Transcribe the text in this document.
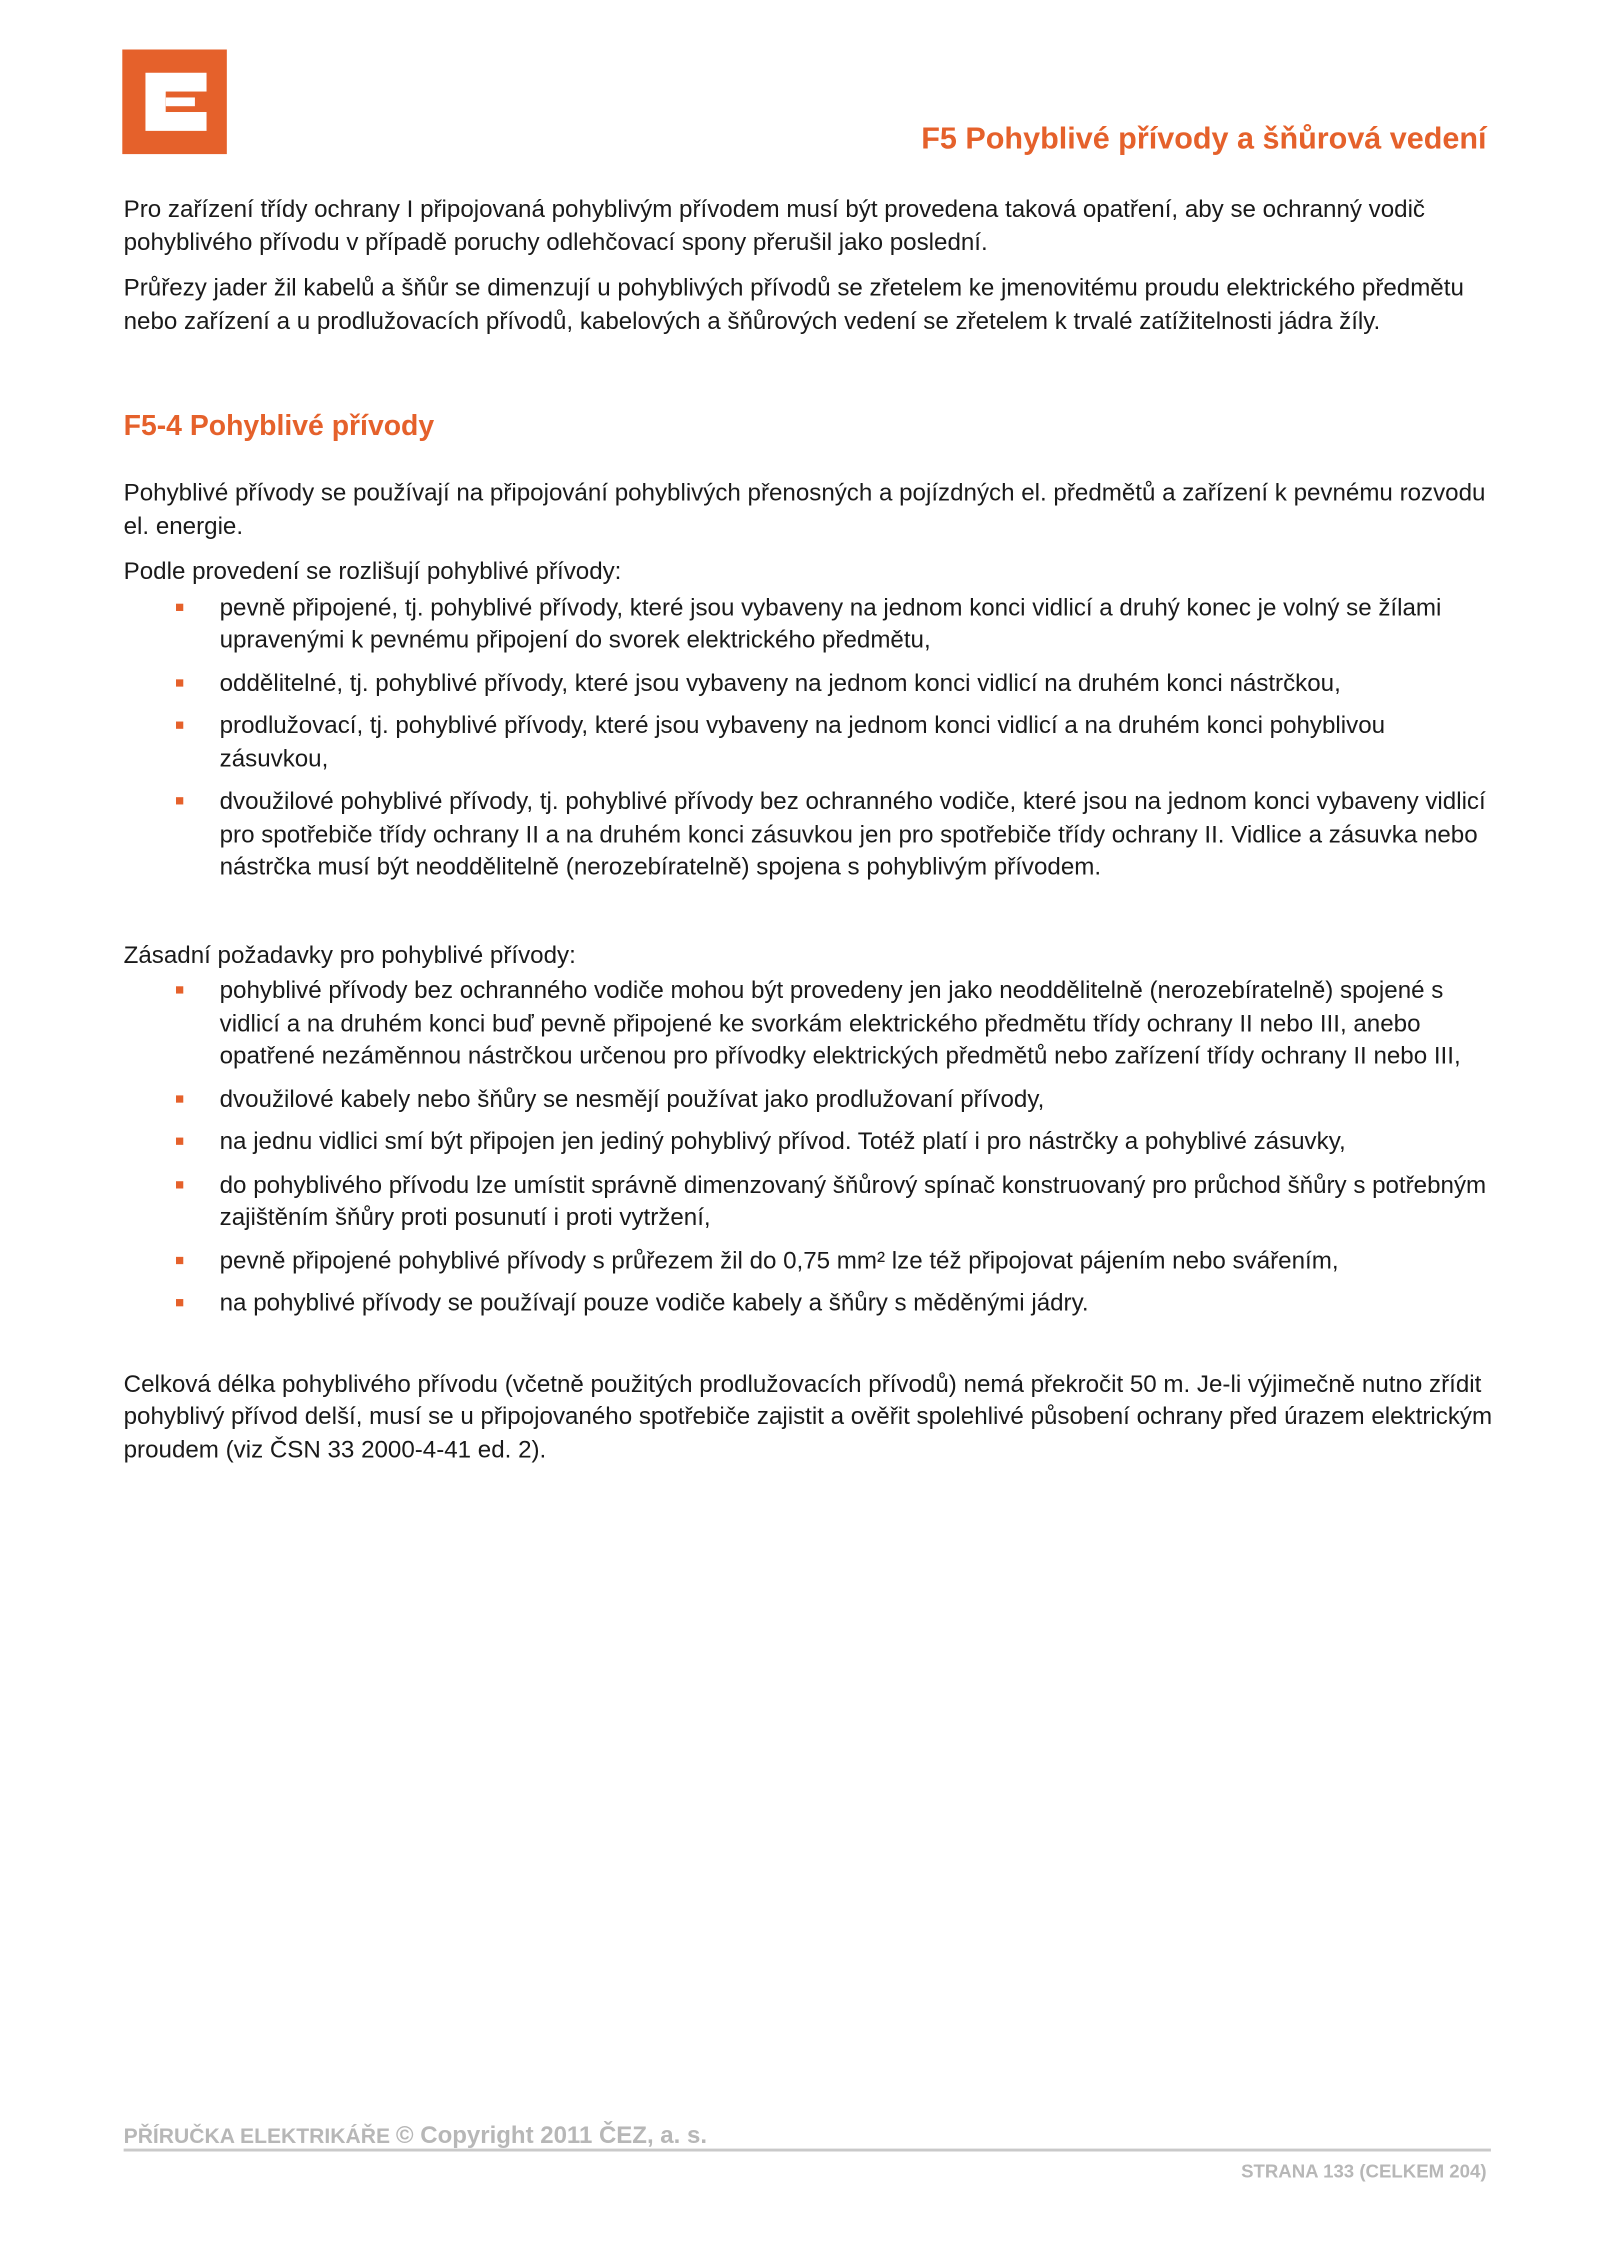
F5 Pohyblivé přívody a šňůrová vedení

Pro zařízení třídy ochrany I připojovaná pohyblivým přívodem musí být provedena taková opatření, aby se ochranný vodič pohyblivého přívodu v případě poruchy odlehčovací spony přerušil jako poslední.

Průřezy jader žil kabelů a šňůr se dimenzují u pohyblivých přívodů se zřetelem ke jmenovitému proudu elektrického předmětu nebo zařízení a u prodlužovacích přívodů, kabelových a šňůrových vedení se zřetelem k trvalé zatížitelnosti jádra žíly.

F5-4 Pohyblivé přívody

Pohyblivé přívody se používají na připojování pohyblivých přenosných a pojízdných el. předmětů a zařízení k pevnému rozvodu el. energie.

Podle provedení se rozlišují pohyblivé přívody:

pevně připojené, tj. pohyblivé přívody, které jsou vybaveny na jednom konci vidlicí a druhý konec je volný se žílami upravenými k pevnému připojení do svorek elektrického předmětu,
oddělitelné, tj. pohyblivé přívody, které jsou vybaveny na jednom konci vidlicí na druhém konci nástrčkou,
prodlužovací, tj. pohyblivé přívody, které jsou vybaveny na jednom konci vidlicí a na druhém konci pohyblivou zásuvkou,
dvoužilové pohyblivé přívody, tj. pohyblivé přívody bez ochranného vodiče, které jsou na jednom konci vybaveny vidlicí pro spotřebiče třídy ochrany II a na druhém konci zásuvkou jen pro spotřebiče třídy ochrany II. Vidlice a zásuvka nebo nástrčka musí být neoddělitelně (nerozebíratelně) spojena s pohyblivým přívodem.

Zásadní požadavky pro pohyblivé přívody:

pohyblivé přívody bez ochranného vodiče mohou být provedeny jen jako neoddělitelně (nerozebíratelně) spojené s vidlicí a na druhém konci buď pevně připojené ke svorkám elektrického předmětu třídy ochrany II nebo III, anebo opatřené nezáměnnou nástrčkou určenou pro přívodky elektrických předmětů nebo zařízení třídy ochrany II nebo III,
dvoužilové kabely nebo šňůry se nesmějí používat jako prodlužovaní přívody,
na jednu vidlici smí být připojen jen jediný pohyblivý přívod. Totéž platí i pro nástrčky a pohyblivé zásuvky,
do pohyblivého přívodu lze umístit správně dimenzovaný šňůrový spínač konstruovaný pro průchod šňůry s potřebným zajištěním šňůry proti posunutí i proti vytržení,
pevně připojené pohyblivé přívody s průřezem žil do 0,75 mm² lze též připojovat pájením nebo svářením,
na pohyblivé přívody se používají pouze vodiče kabely a šňůry s měděnými jádry.

Celková délka pohyblivého přívodu (včetně použitých prodlužovacích přívodů) nemá překročit 50 m. Je-li výjimečně nutno zřídit pohyblivý přívod delší, musí se u připojovaného spotřebiče zajistit a ověřit spolehlivé působení ochrany před úrazem elektrickým proudem (viz ČSN 33 2000-4-41 ed. 2).

PŘÍRUČKA ELEKTRIKÁŘE © Copyright 2011 ČEZ, a. s.
STRANA 133 (CELKEM 204)
